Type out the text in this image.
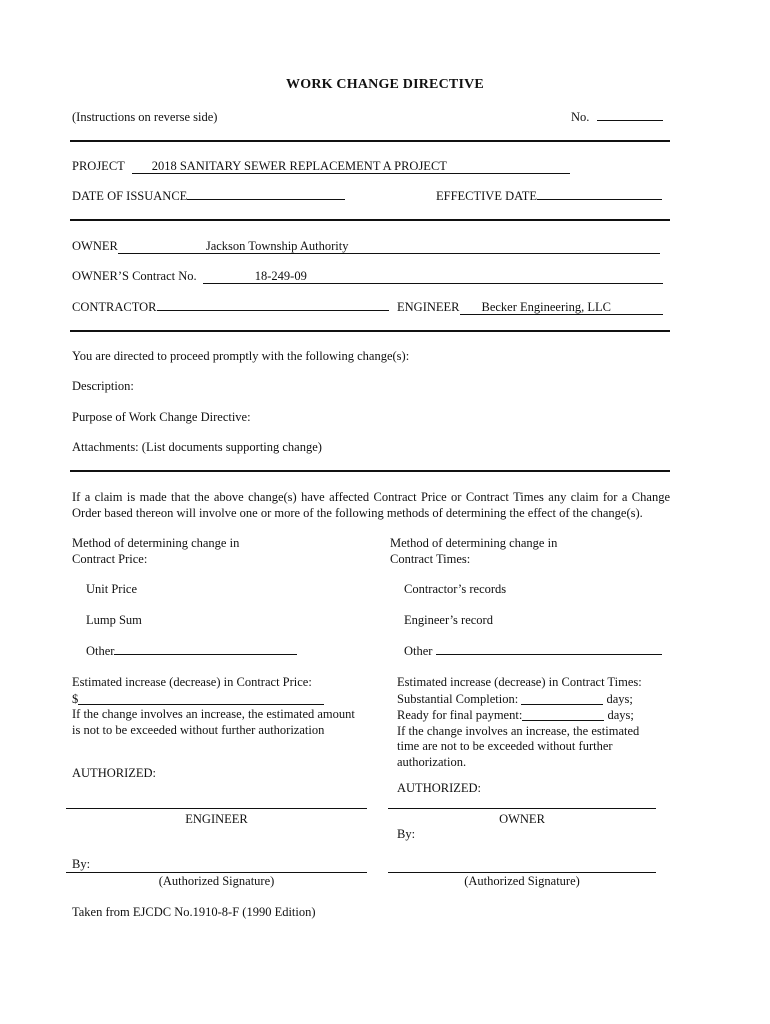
WORK CHANGE DIRECTIVE
(Instructions on reverse side)	No.
PROJECT 2018 SANITARY SEWER REPLACEMENT A PROJECT
DATE OF ISSUANCE	EFFECTIVE DATE
OWNER	Jackson Township Authority
OWNER’S Contract No.	18-249-09
CONTRACTOR	ENGINEER Becker Engineering, LLC
You are directed to proceed promptly with the following change(s):
Description:
Purpose of Work Change Directive:
Attachments: (List documents supporting change)
If a claim is made that the above change(s) have affected Contract Price or Contract Times any claim for a Change Order based thereon will involve one or more of the following methods of determining the effect of the change(s).
Method of determining change in
Contract Price:
Unit Price
Lump Sum
Other
Estimated increase (decrease) in Contract Price:
$
If the change involves an increase, the estimated amount
is not to be exceeded without further authorization
AUTHORIZED:
Method of determining change in
Contract Times:
Contractor’s records
Engineer’s record
Other
Estimated increase (decrease) in Contract Times:
Substantial Completion:	days;
Ready for final payment:	days;
If the change involves an increase, the estimated
time are not to be exceeded without further
authorization.
AUTHORIZED:
ENGINEER	OWNER
By:
By:
(Authorized Signature)	(Authorized Signature)
Taken from EJCDC No.1910-8-F (1990 Edition)
